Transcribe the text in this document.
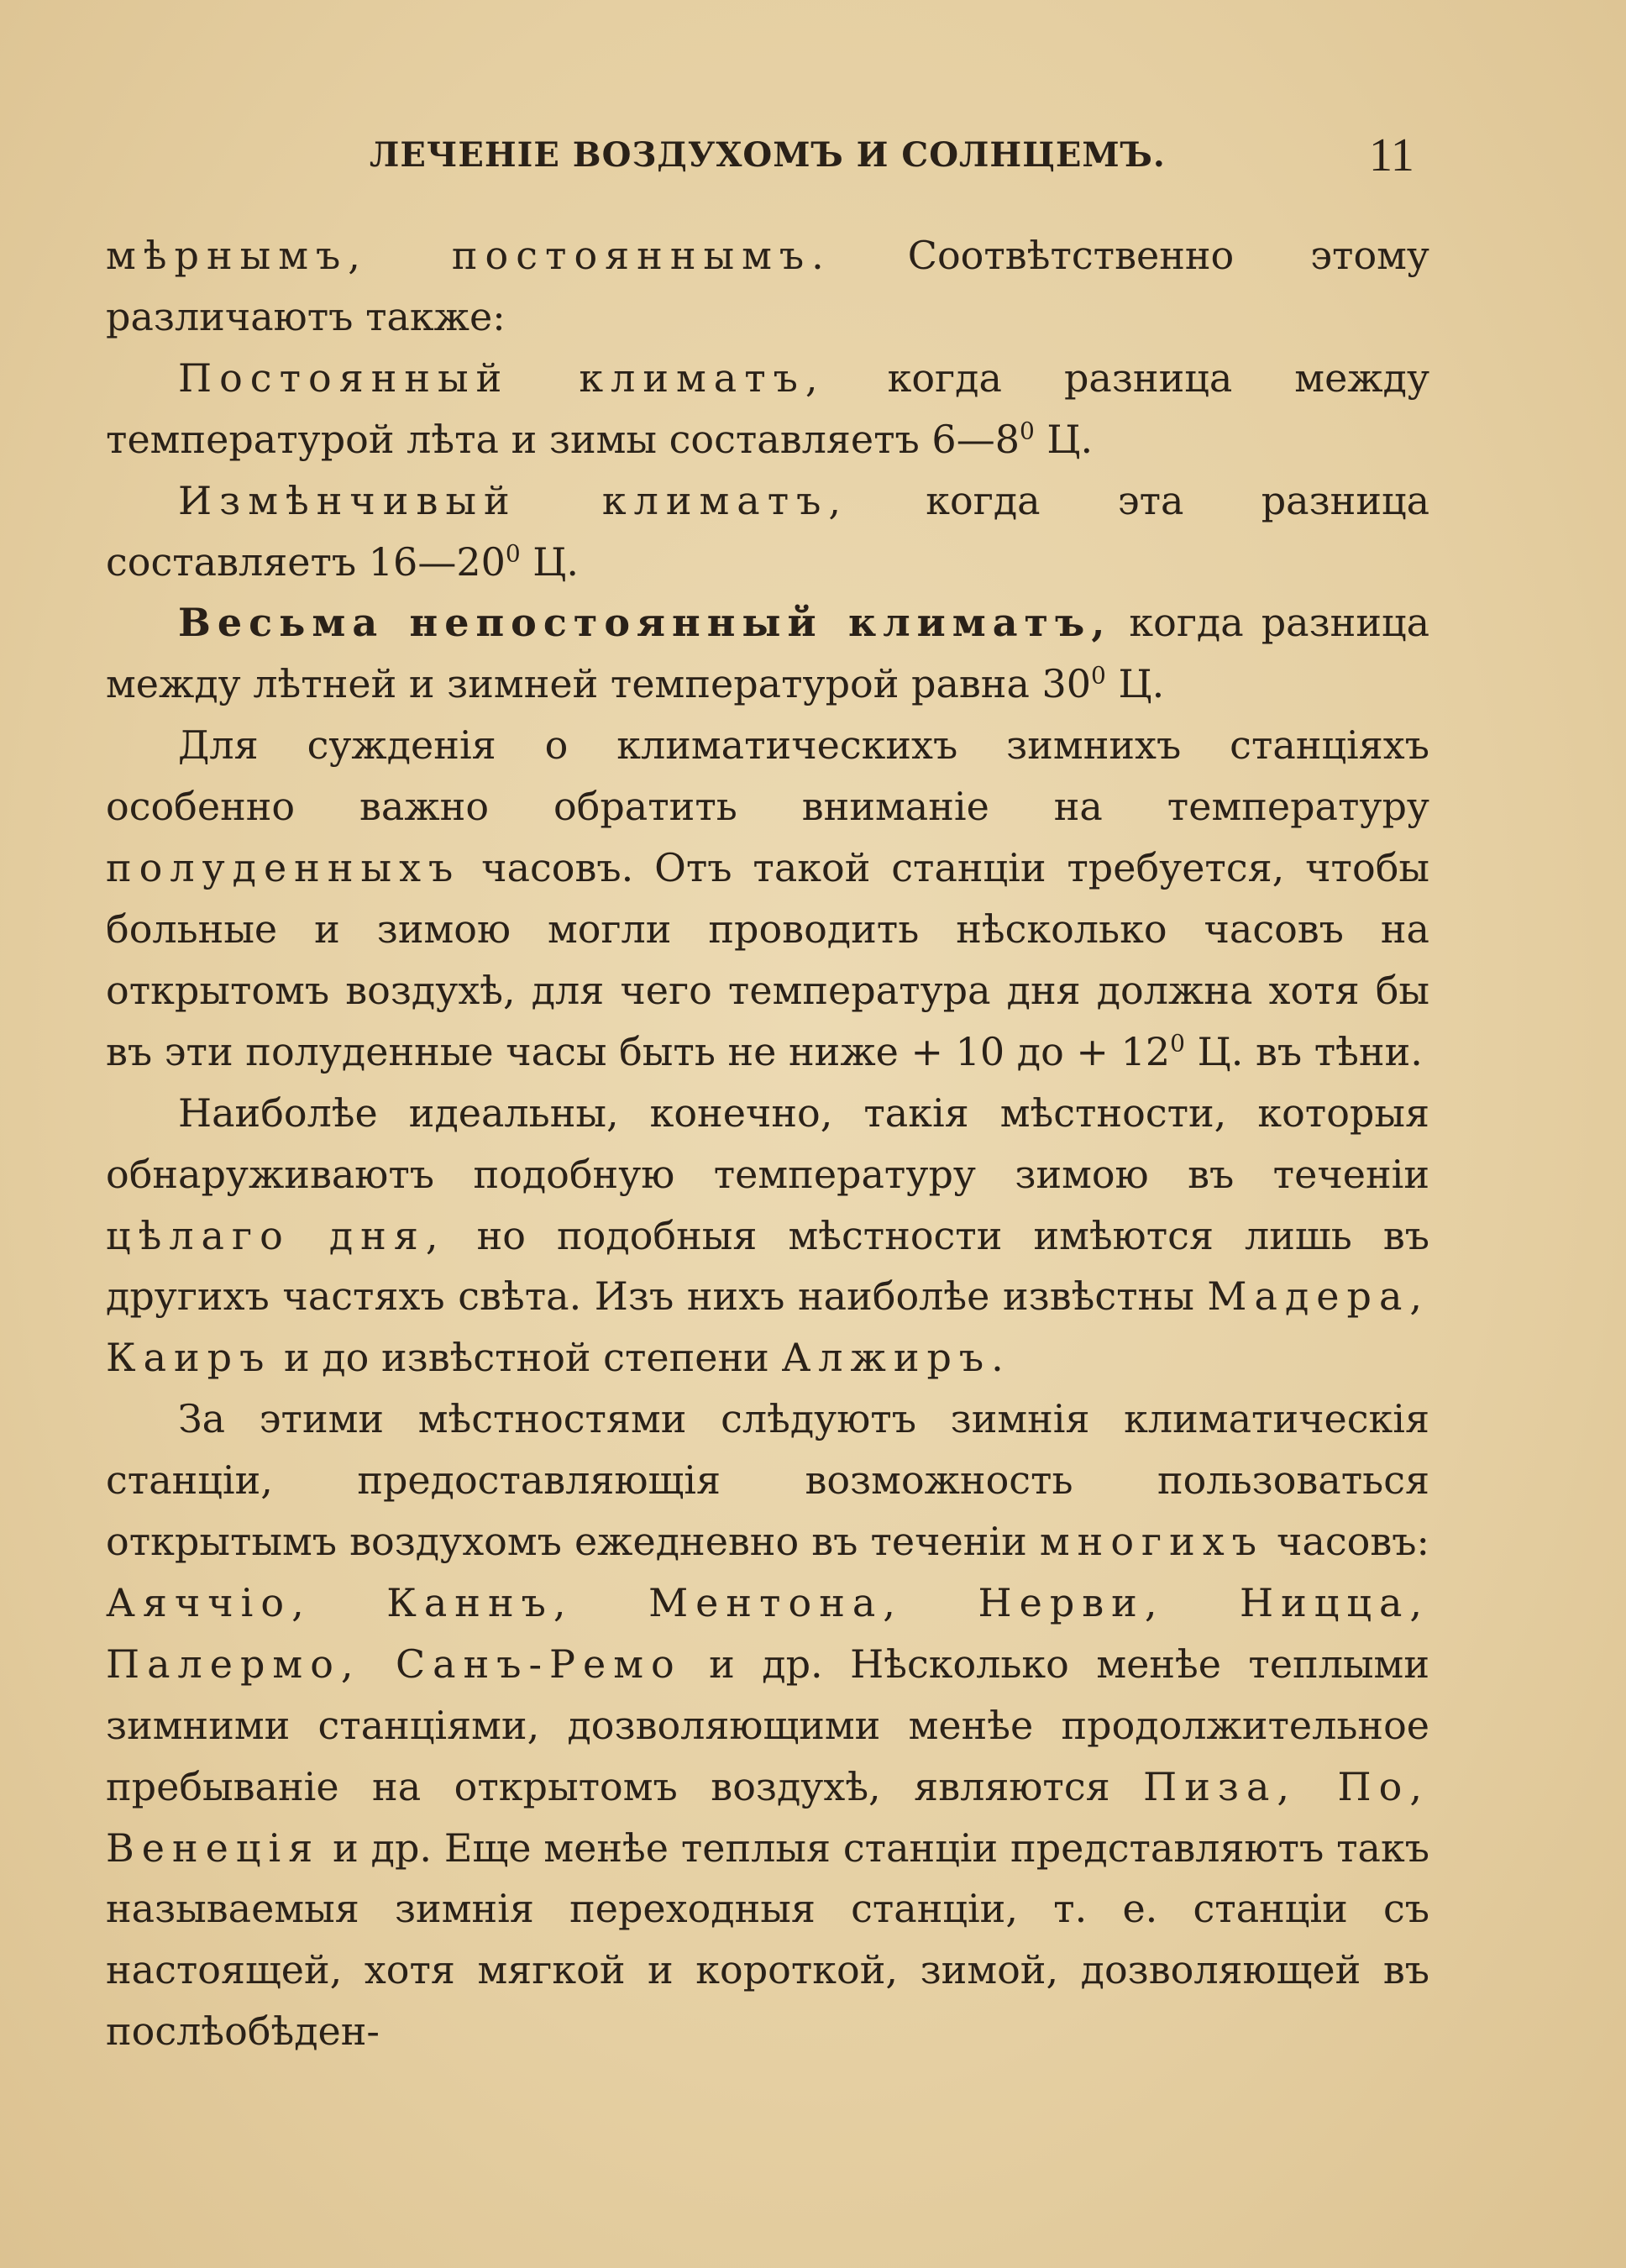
ЛЕЧЕНІЕ ВОЗДУХОМЪ И СОЛНЦЕМЪ.	11

мѣрнымъ, постояннымъ. Соотвѣтственно этому различаютъ также:

Постоянный климатъ, когда разница между температурой лѣта и зимы составляетъ $6—8^0$ Ц.

Измѣнчивый климатъ, когда эта разница составляетъ $16—20^0$ Ц.

Весьма непостоянный климатъ, когда разница между лѣтней и зимней температурой равна $30^0$ Ц.

Для сужденія о климатическихъ зимнихъ станціяхъ особенно важно обратить вниманіе на температуру полуденныхъ часовъ. Отъ такой станціи требуется, чтобы больные и зимою могли проводить нѣсколько часовъ на открытомъ воздухѣ, для чего температура дня должна хотя бы въ эти полуденные часы быть не ниже + 10 до + $12^0$ Ц. въ тѣни.

Наиболѣе идеальны, конечно, такія мѣстности, которыя обнаруживаютъ подобную температуру зимою въ теченіи цѣлаго дня, но подобныя мѣстности имѣются лишь въ другихъ частяхъ свѣта. Изъ нихъ наиболѣе извѣстны Мадера, Каиръ и до извѣстной степени Алжиръ.

За этими мѣстностями слѣдуютъ зимнія климатическія станціи, предоставляющія возможность пользоваться открытымъ воздухомъ ежедневно въ теченіи многихъ часовъ: Аяччіо, Каннъ, Ментона, Нерви, Ницца, Палермо, Санъ-Ремо и др. Нѣсколько менѣе теплыми зимними станціями, дозволяющими менѣе продолжительное пребываніе на открытомъ воздухѣ, являются Пиза, По, Венеція и др. Еще менѣе теплыя станціи представляютъ такъ называемыя зимнія переходныя станціи, т. е. станціи съ настоящей, хотя мягкой и короткой, зимой, дозволяющей въ послѣобѣден-
